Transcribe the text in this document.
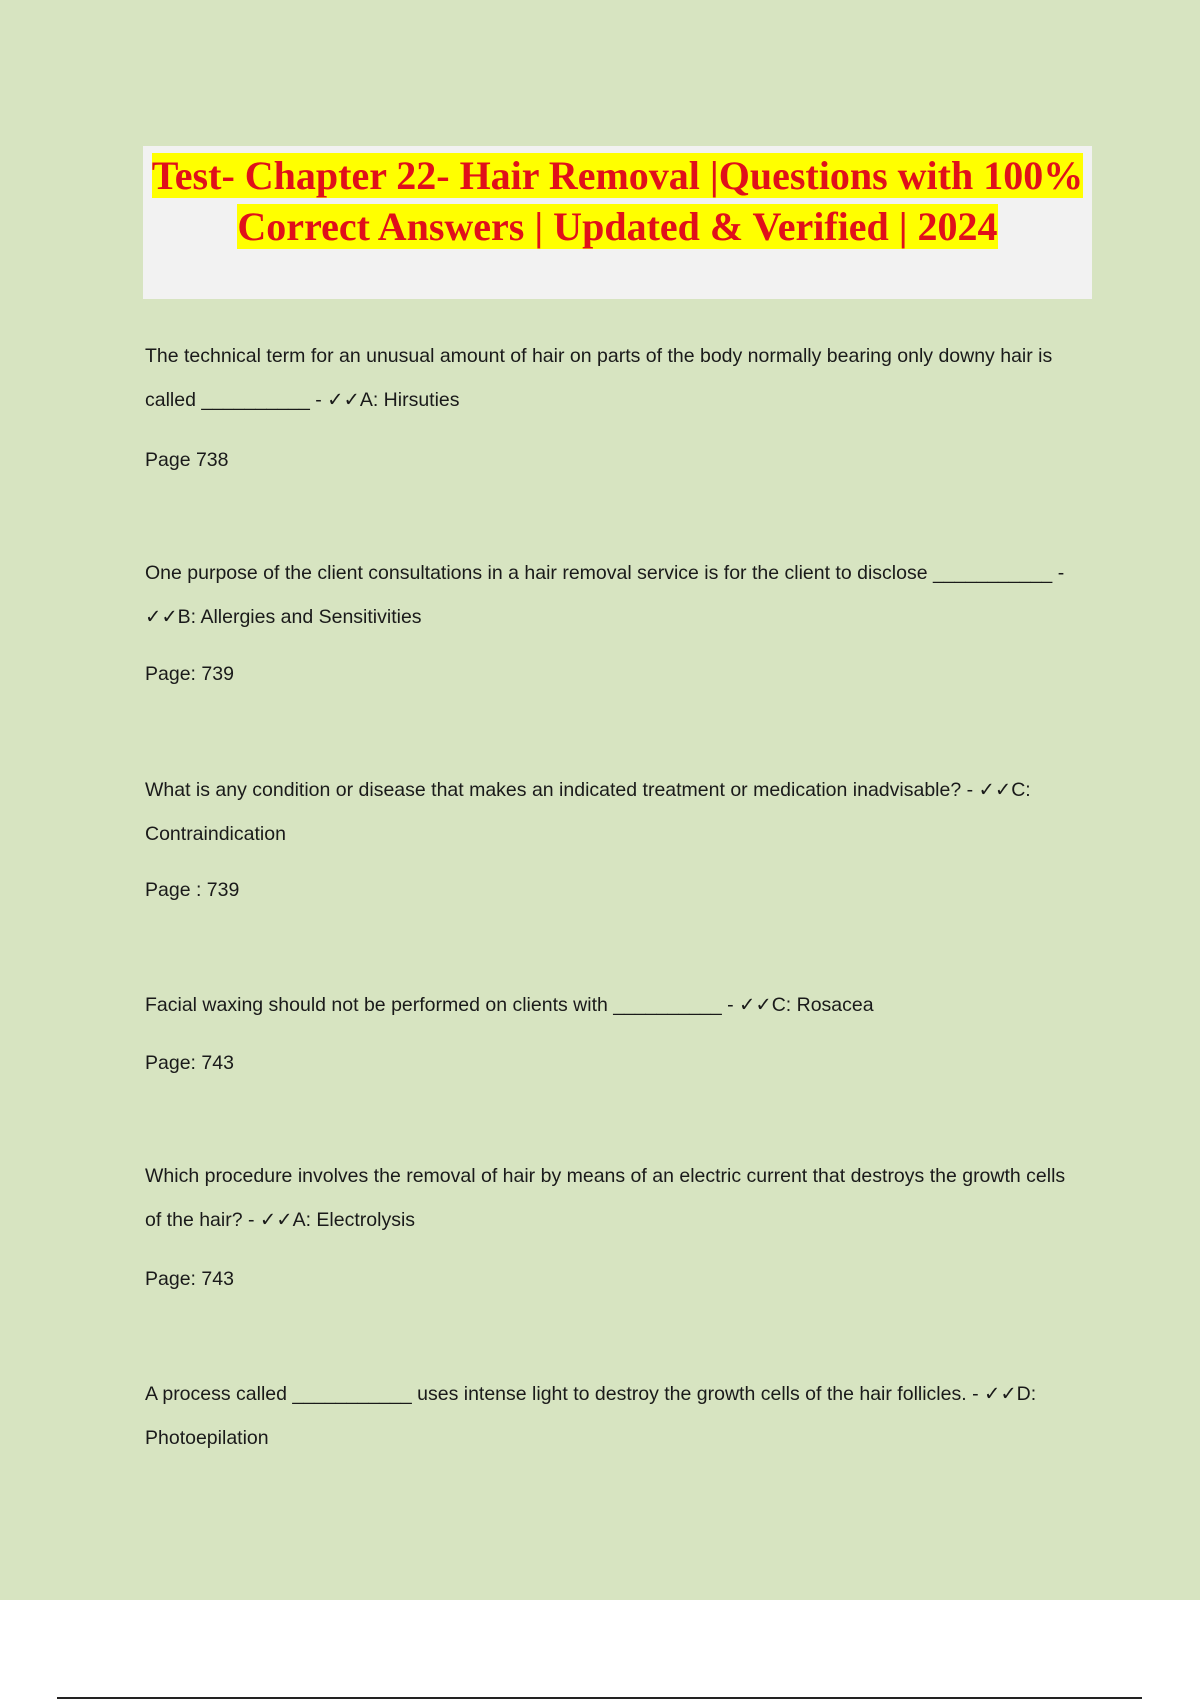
Test- Chapter 22- Hair Removal |Questions with 100% Correct Answers | Updated & Verified | 2024

The technical term for an unusual amount of hair on parts of the body normally bearing only downy hair is called __________ - ✓✓A: Hirsuties

Page 738

One purpose of the client consultations in a hair removal service is for the client to disclose ___________ - ✓✓B: Allergies and Sensitivities

Page: 739

What is any condition or disease that makes an indicated treatment or medication inadvisable? - ✓✓C: Contraindication

Page : 739

Facial waxing should not be performed on clients with __________ - ✓✓C: Rosacea

Page: 743

Which procedure involves the removal of hair by means of an electric current that destroys the growth cells of the hair? - ✓✓A: Electrolysis

Page: 743

A process called ___________ uses intense light to destroy the growth cells of the hair follicles. - ✓✓D: Photoepilation
